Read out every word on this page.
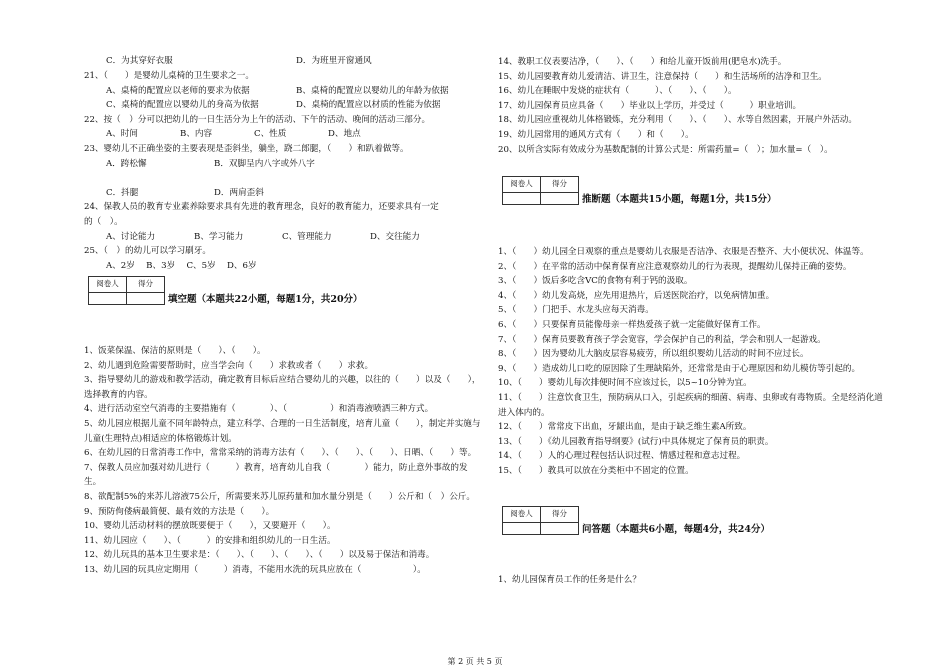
C．为其穿好衣服	D．为班里开窗通风
21、（　　）是婴幼儿桌椅的卫生要求之一。
A、桌椅的配置应以老师的要求为依据	B、桌椅的配置应以婴幼儿的年龄为依据
C、桌椅的配置应以婴幼儿的身高为依据	D、桌椅的配置应以材质的性能为依据
22、按（　）分可以把幼儿的一日生活分为上午的活动、下午的活动、晚间的活动三部分。
A、时间	B、内容	C、性质	D、地点
23、婴幼儿不正确坐姿的主要表现是歪斜坐，躺坐，跷二郎腿，（　　）和趴着做等。
A．跨松懈	B．双脚呈内八字或外八字
C．抖腿	D．两肩歪斜
24、保教人员的教育专业素养除要求具有先进的教育理念，良好的教育能力，还要求具有一定
的（　）。
A、讨论能力	B、学习能力	C、管理能力	D、交往能力
25、（　）的幼儿可以学习刷牙。
A、2岁　 B、3岁　 C、5岁　 D、6岁
阅卷人	得分

填空题（本题共22小题，每题1分，共20分）
1、饭菜保温、保洁的原则是（　　）、（　　）。
2、幼儿遇到危险需要帮助时，应当学会向（　　）求救或者（　　）求救。
3、指导婴幼儿的游戏和教学活动，确定教育目标后应结合婴幼儿的兴趣，以往的（　　）以及（　　），选择教育的内容。
4、进行活动室空气消毒的主要措施有（　　　　）、（　　　　　）和消毒液喷洒三种方式。
5、幼儿园应根据儿童不同年龄特点，建立科学、合理的一日生活制度，培育儿童（　　），制定并实施与儿童(生理特点)相适应的体格锻炼计划。
6、在幼儿园的日常消毒工作中，常常采纳的消毒方法有（　　）、（　　）、（　　）、日晒、（　　）等。
7、保教人员应加强对幼儿进行（　　　）教育，培育幼儿自我（　　　　）能力，防止意外事故的发生。
8、欲配制5%的来苏儿溶液75公斤，所需要来苏儿原药量和加水量分别是（　　）公斤和（　）公斤。
9、预防佝偻病最简便、最有效的方法是（　　）。
10、婴幼儿活动材料的摆放既要便于（　　），又要避开（　　）。
11、幼儿园应（　　）、（　　　）的安排和组织幼儿的一日生活。
12、幼儿玩具的基本卫生要求是：（　　）、（　　）、（　　）、（　　）以及易于保洁和消毒。
13、幼儿园的玩具应定期用（　　　）消毒，不能用水洗的玩具应放在（　　　　　　）。
14、教职工仪表要洁净，（　　）、（　　）和给儿童开饭前用(肥皂水)洗手。
15、幼儿园要教育幼儿爱清洁、讲卫生，注意保持（　　）和生活场所的洁净和卫生。
16、幼儿在睡眠中发烧的症状有（　　　）、（　　）、（　　）。
17、幼儿园保育员应具备（　　）毕业以上学历，并受过（　　　）职业培训。
18、幼儿园应重视幼儿体格锻炼，充分利用（　　）、（　　）、水等自然因素，开展户外活动。
19、幼儿园常用的通风方式有（　　）和（　　）。
20、以所含实际有效成分为基数配制的计算公式是：所需药量=（　）；加水量=（　）。
阅卷人	得分

推断题（本题共15小题，每题1分，共15分）
1、（　　）幼儿园全日观察的重点是婴幼儿衣服是否洁净、衣服是否整齐、大小便状况、体温等。
2、（　　）在平常的活动中保育保育应注意观察幼儿的行为表现，提醒幼儿保持正确的姿势。
3、（　　）饭后多吃含VC的食物有利于钙的汲取。
4、（　　）幼儿发高烧，应先用退热片，后送医院治疗，以免病情加重。
5、（　　）门把手、水龙头应每天消毒。
6、（　　）只要保育员能像母亲一样热爱孩子就一定能做好保育工作。
7、（　　）保育员要教育孩子学会宽容，学会保护自己的利益，学会和别人一起游戏。
8、（　　）因为婴幼儿大脑皮层容易疲劳，所以组织婴幼儿活动的时间不应过长。
9、（　　）造成幼儿口吃的原因除了生理缺陷外，还常常是由于心理原因和幼儿模仿等引起的。
10、（　　）婴幼儿每次排便时间不应该过长，以5~10分钟为宜。
11、（　　）注意饮食卫生，预防病从口入，引起疾病的细菌、病毒、虫卵或有毒物质。全是经消化道进入体内的。
12、（　　）常常皮下出血，牙龈出血，是由于缺乏维生素A所致。
13、（　　）《幼儿园教育指导纲要》(试行)中具体规定了保育员的职责。
14、（　　）人的心理过程包括认识过程、情感过程和意志过程。
15、（　　）教具可以放在分类柜中不固定的位置。
阅卷人	得分

问答题（本题共6小题，每题4分，共24分）
1、幼儿园保育员工作的任务是什么？
第 2 页 共 5 页
